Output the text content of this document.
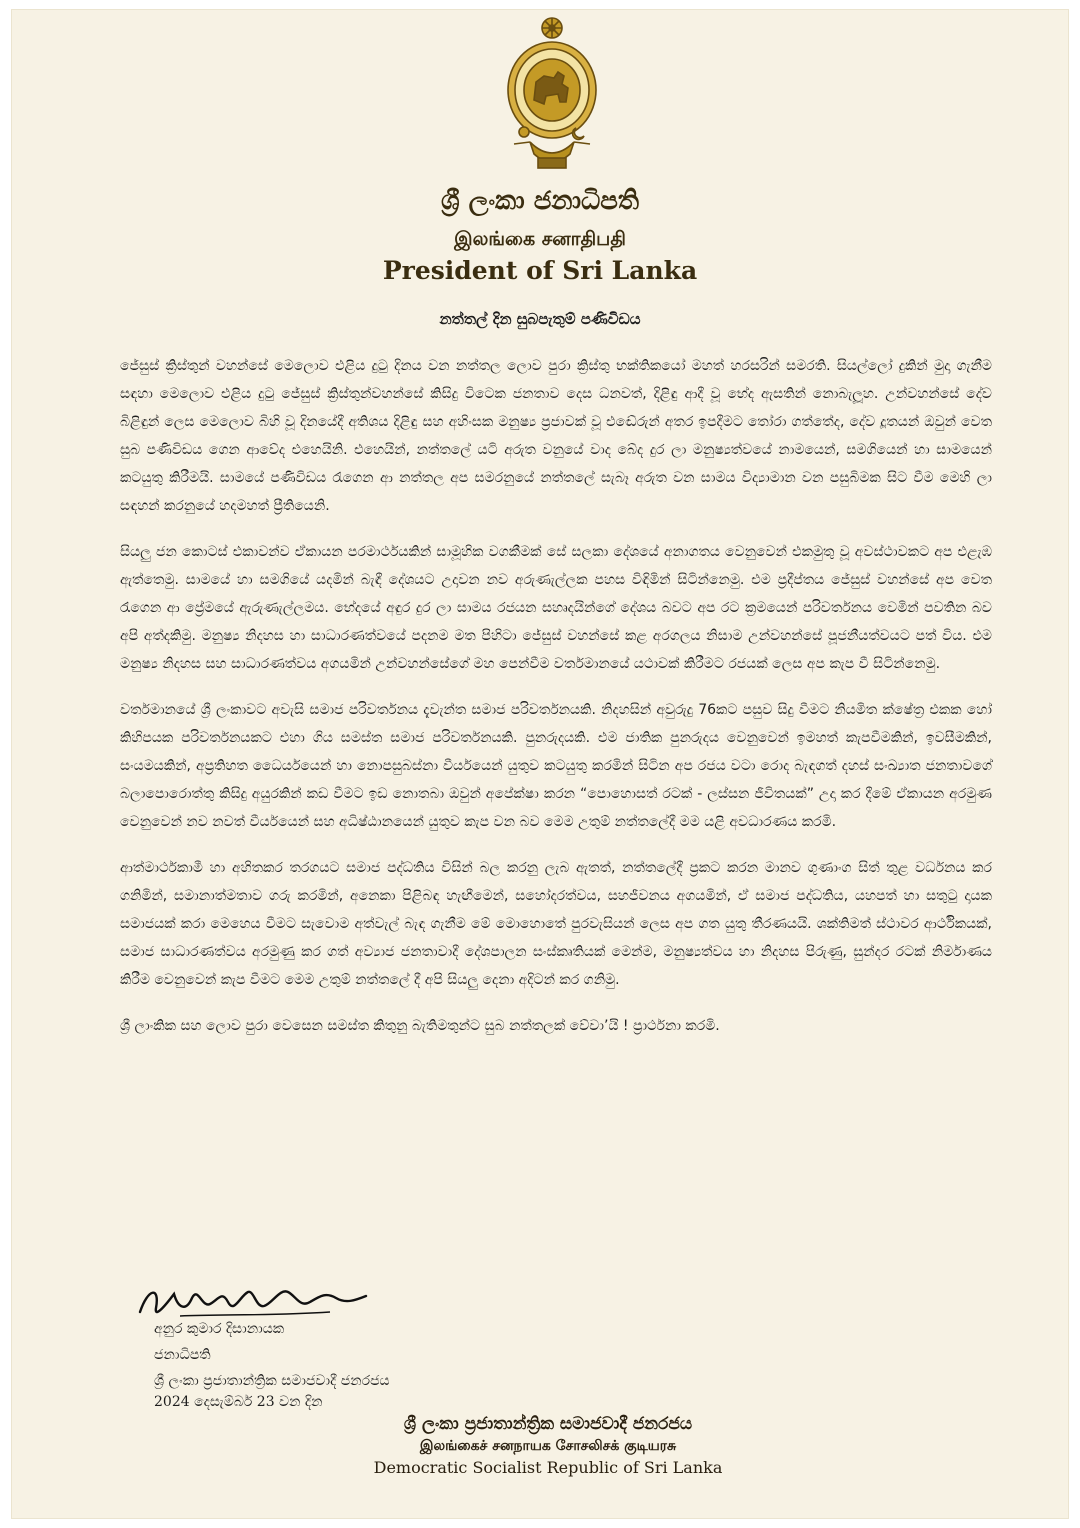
ශ්‍රී ලංකා ජනාධිපති
இலங்கை சனாதிபதி
President of Sri Lanka
නත්තල් දින සුබපැතුම් පණිවිඩය

ජේසුස් ක්‍රිස්තුන් වහන්සේ මෙලොව එළිය දුටු දිනය වන නත්තල ලොව පුරා ක්‍රිස්තු භක්තිකයෝ මහත් හරසරින් සමරති. සියල්ලෝ දුකින් මුදා ගැනීම සඳහා මෙලොව එළිය දුටු ජේසුස් ක්‍රිස්තුන්වහන්සේ කිසිදු විටෙක ජනතාව දෙස ධනවත්, දිළිඳු ආදී වූ භේද ඇසතින් නොබැලූහ. උන්වහන්සේ දේව බිළිඳුන් ලෙස මෙලොව බිහි වූ දිනයේදී අතිශය දිළිඳු සහ අහිංසක මනුෂ්‍ය ප්‍රජාවක් වූ එඬේරුන් අතර ඉපදීමට තෝරා ගත්තේද, දේව දූතයන් ඔවුන් වෙත සුබ පණිවිඩය ගෙන ආවේද එහෙයිනි. එහෙයින්, නත්තලේ යටි අරුත වනුයේ වාද බේද දුර ලා මනුෂ්‍යත්වයේ නාමයෙන්, සමගියෙන් හා සාමයෙන් කටයුතු කිරීමයි. සාමයේ පණිවිඩය රැගෙන ආ නත්තල අප සමරනුයේ නත්තලේ සැබෑ අරුත වන සාමය විද්‍යාමාන වන පසුබිමක සිට වීම මෙහි ලා සඳහන් කරනුයේ හදමහත් ප්‍රීතියෙනි.

සියලු ජන කොටස් එකාවන්ව ඒකායන පරමාර්ථයකින් සාමූහික වගකීමක් සේ සලකා දේශයේ අනාගතය වෙනුවෙන් එකමුතු වූ අවස්ථාවකට අප එළැඹ ඇත්තෙමු. සාමයේ හා සමගියේ යදමින් බැඳී දේශයට උදාවන නව අරුණැල්ලක පහස විඳිමින් සිටින්නෙමු. එම ප්‍රදීප්තය ජේසුස් වහන්සේ අප වෙත රැගෙන ආ ප්‍රේමයේ ඇරුණැල්ලමය. භේදයේ අඳුර දුර ලා සාමය රජයන සහෘදයින්ගේ දේශය බවට අප රට ක්‍රමයෙන් පරිවර්තනය වෙමින් පවතින බව අපි අත්දකිමු. මනුෂ්‍ය නිදහස හා සාධාරණත්වයේ පදනම මත පිහිටා ජේසුස් වහන්සේ කළ අරගලය නිසාම උන්වහන්සේ පූජනීයත්වයට පත් විය. එම මනුෂ්‍ය නිදහස සහ සාධාරණත්වය අගයමින් උන්වහන්සේගේ මහ පෙන්වීම වර්තමානයේ යථාවක් කිරීමට රජයක් ලෙස අප කැප වී සිටින්නෙමු.

වර්තමානයේ ශ්‍රී ලංකාවට අවැසි සමාජ පරිවර්තනය දැවැන්ත සමාජ පරිවර්තනයකි. නිදහසින් අවුරුදු 76කට පසුව සිදු වීමට නියමිත ක්ෂේත්‍ර එකක හෝ කිහිපයක පරිවර්තනයකට එහා ගිය සමස්ත සමාජ පරිවර්තනයකි. පුනරුදයකි. එම ජාතික පුනරුදය වෙනුවෙන් ඉමහත් කැපවීමකින්, ඉවසීමකින්, සංයමයකින්, අප්‍රතිහත ධෛර්යයෙන් හා නොපසුබස්නා වීර්යයෙන් යුතුව කටයුතු කරමින් සිටින අප රජය වටා රොද බැඳගත් දහස් සංඛ්‍යාත ජනතාවගේ බලාපොරොත්තු කිසිදු අයුරකින් කඩ වීමට ඉඩ නොතබා ඔවුන් අපේක්ෂා කරන “පොහොසත් රටක් - ලස්සන ජීවිතයක්” උදා කර දීමේ ඒකායන අරමුණ වෙනුවෙන් නව නවත් වීර්යයෙන් සහ අධිෂ්ඨානයෙන් යුතුව කැප වන බව මෙම උතුම් නත්තලේදී මම යළි අවධාරණය කරමි.

ආත්මාර්ථකාමී හා අහිතකර තරගයට සමාජ පද්ධතිය විසින් බල කරනු ලැබ ඇතත්, නත්තලේදී ප්‍රකට කරන මානව ගුණාංග සිත් තුළ වර්ධනය කර ගනිමින්, සමානාත්මතාව ගරු කරමින්, අනෙකා පිළිබඳ හැඟීමෙන්, සහෝදරත්වය, සහජීවනය අගයමින්, ඒ සමාජ පද්ධතිය, යහපත් හා සතුටු දායක සමාජයක් කරා මෙහෙය වීමට සැවොම අත්වැල් බැඳ ගැනීම මේ මොහොතේ පුරවැසියන් ලෙස අප ගත යුතු තීරණයයි. ශක්තිමත් ස්ථාවර ආර්ථිකයක්, සමාජ සාධාරණත්වය අරමුණු කර ගත් අව්‍යාජ ජනතාවාදී දේශපාලන සංස්කෘතියක් මෙන්ම, මනුෂ්‍යත්වය හා නිදහස පිරුණු, සුන්දර රටක් නිර්මාණය කිරීම වෙනුවෙන් කැප වීමට මෙම උතුම් නත්තලේ දී අපි සියලු දෙනා අදිටන් කර ගනිමු.

ශ්‍රී ලාංකික සහ ලොව පුරා වෙසෙන සමස්ත කිතුනු බැතිමතුන්ට සුබ නත්තලක් වේවා’යි ! ප්‍රාර්ථනා කරමි.

අනුර කුමාර දිසානායක
ජනාධිපති
ශ්‍රී ලංකා ප්‍රජාතාන්ත්‍රික සමාජවාදී ජනරජය
2024 දෙසැම්බර් 23 වන දින
ශ්‍රී ලංකා ප්‍රජාතාන්ත්‍රික සමාජවාදී ජනරජය
இலங்கைச் சனநாயக சோசலிசக் குடியரசு
Democratic Socialist Republic of Sri Lanka
